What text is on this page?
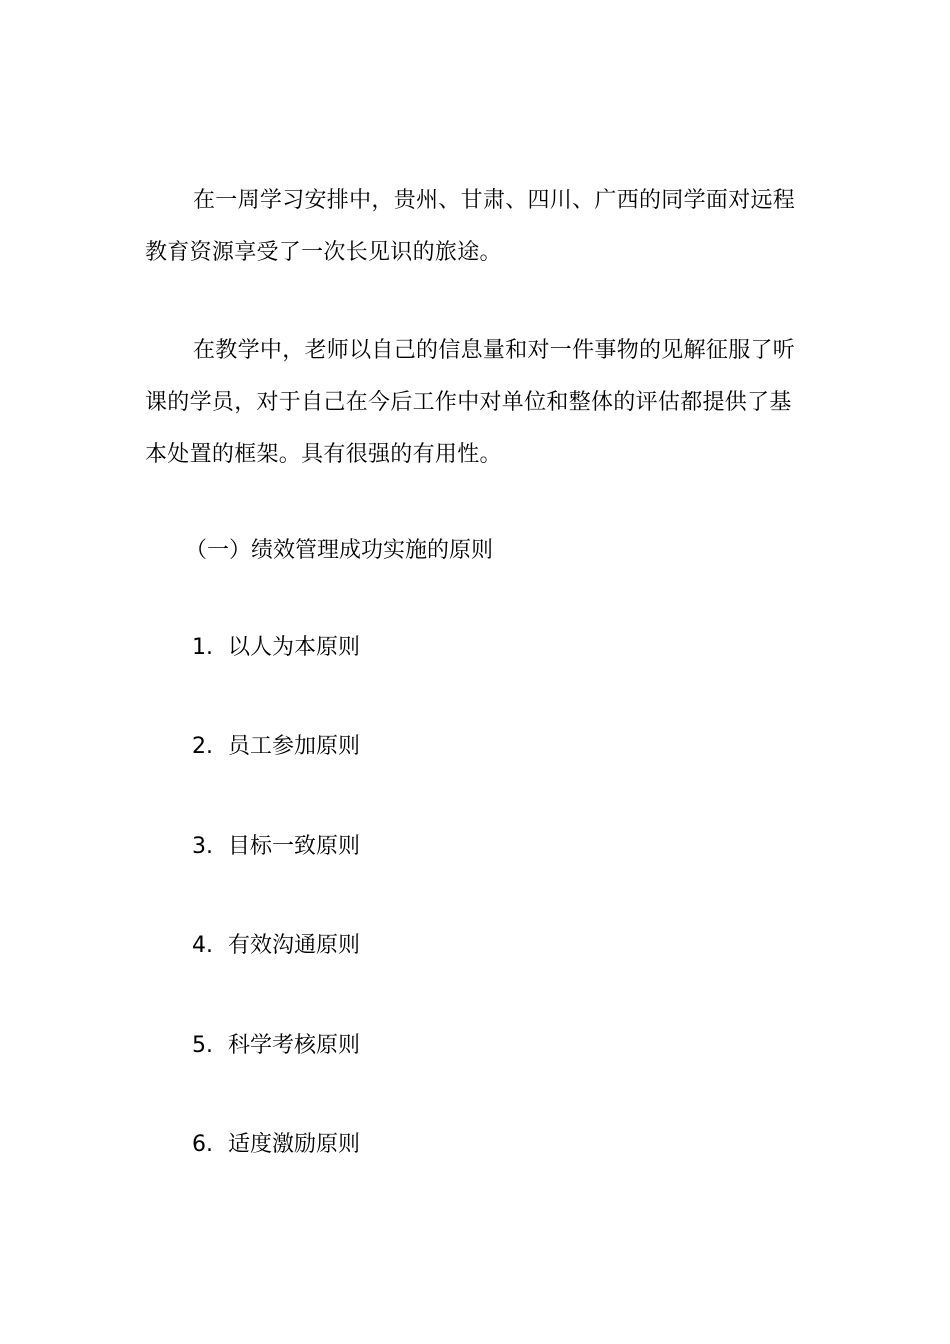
在一周学习安排中，贵州、甘肃、四川、广西的同学面对远程教育资源享受了一次长见识的旅途。

在教学中，老师以自己的信息量和对一件事物的见解征服了听课的学员，对于自己在今后工作中对单位和整体的评估都提供了基本处置的框架。具有很强的有用性。

（一）绩效管理成功实施的原则

1. 以人为本原则

2. 员工参加原则

3. 目标一致原则

4. 有效沟通原则

5. 科学考核原则

6. 适度激励原则
